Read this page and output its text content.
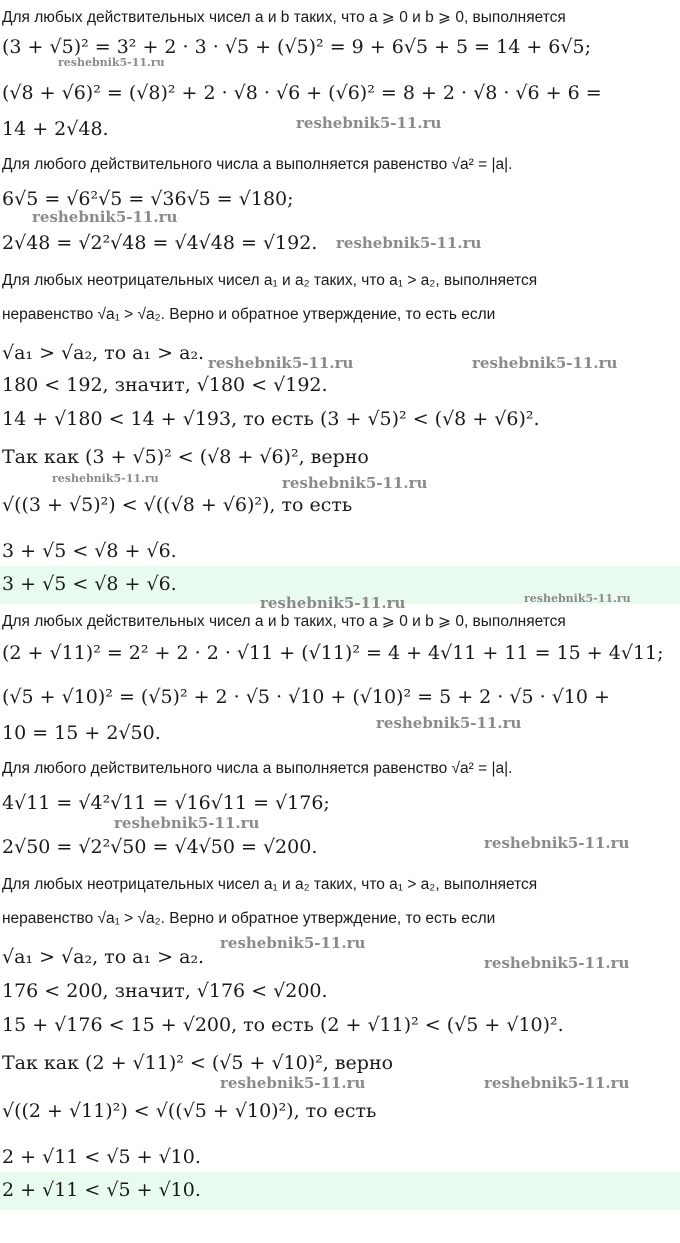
Для любых действительных чисел a и b таких, что a ⩾ 0 и b ⩾ 0, выполняется
(3 + √5)² = 3² + 2 · 3 · √5 + (√5)² = 9 + 6√5 + 5 = 14 + 6√5;
(√8 + √6)² = (√8)² + 2 · √8 · √6 + (√6)² = 8 + 2 · √8 · √6 + 6 =
14 + 2√48.
Для любого действительного числа a выполняется равенство √a² = |a|.
6√5 = √6²√5 = √36√5 = √180;
2√48 = √2²√48 = √4√48 = √192.
Для любых неотрицательных чисел a₁ и a₂ таких, что a₁ > a₂, выполняется
неравенство √a₁ > √a₂. Верно и обратное утверждение, то есть если
√a₁ > √a₂, то a₁ > a₂.
180 < 192, значит, √180 < √192.
14 + √180 < 14 + √193, то есть (3 + √5)² < (√8 + √6)².
Так как (3 + √5)² < (√8 + √6)², верно
√((3 + √5)²) < √((√8 + √6)²), то есть
3 + √5 < √8 + √6.
3 + √5 < √8 + √6.
Для любых действительных чисел a и b таких, что a ⩾ 0 и b ⩾ 0, выполняется
(2 + √11)² = 2² + 2 · 2 · √11 + (√11)² = 4 + 4√11 + 11 = 15 + 4√11;
(√5 + √10)² = (√5)² + 2 · √5 · √10 + (√10)² = 5 + 2 · √5 · √10 +
10 = 15 + 2√50.
Для любого действительного числа a выполняется равенство √a² = |a|.
4√11 = √4²√11 = √16√11 = √176;
2√50 = √2²√50 = √4√50 = √200.
Для любых неотрицательных чисел a₁ и a₂ таких, что a₁ > a₂, выполняется
неравенство √a₁ > √a₂. Верно и обратное утверждение, то есть если
√a₁ > √a₂, то a₁ > a₂.
176 < 200, значит, √176 < √200.
15 + √176 < 15 + √200, то есть (2 + √11)² < (√5 + √10)².
Так как (2 + √11)² < (√5 + √10)², верно
√((2 + √11)²) < √((√5 + √10)²), то есть
2 + √11 < √5 + √10.
2 + √11 < √5 + √10.
reshebnik5-11.ru
reshebnik5-11.ru
reshebnik5-11.ru
reshebnik5-11.ru
reshebnik5-11.ru	reshebnik5-11.ru
reshebnik5-11.ru	reshebnik5-11.ru
reshebnik5-11.ru	reshebnik5-11.ru
reshebnik5-11.ru
reshebnik5-11.ru
reshebnik5-11.ru
reshebnik5-11.ru
reshebnik5-11.ru
reshebnik5-11.ru	reshebnik5-11.ru
